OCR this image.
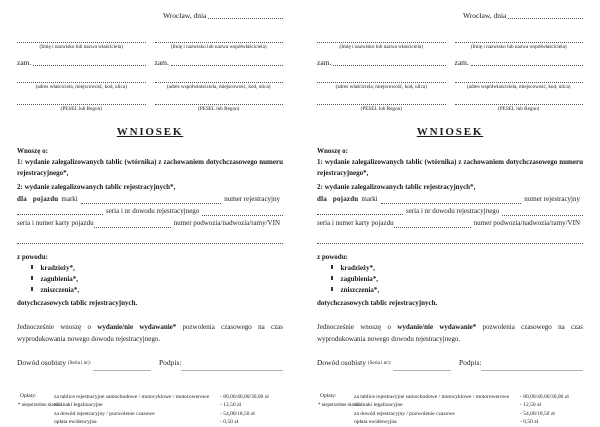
Wrocław, dnia
(Imię i nazwisko lub nazwa właściciela)
zam.
(adres właściciela, miejscowość, kod, ulica)
(PESEL lub Regon)
(Imię i nazwisko lub nazwa współwłaściciela)
zam.
(adres współwłaściciela, miejscowość, kod, ulica)
(PESEL lub Regon)
WNIOSEK
Wnoszę o:
1: wydanie zalegalizowanych tablic (wtórnika) z zachowaniem dotychczasowego numeru rejestracyjnego*,
2: wydanie zalegalizowanych tablic rejestracyjnych*,
dla pojazdu marki	numer rejestracyjny
seria i nr dowodu rejestracyjnego
seria i numer karty pojazdu	numer podwozia/nadwozia/ramy/VIN
z powodu:
kradzieży*,
zagubienia*,
zniszczenia*,
dotychczasowych tablic rejestracyjnych.
Jednocześnie wnoszę o wydanie/nie wydawanie* pozwolenia czasowego na czas wyprodukowania nowego dowodu rejestracyjnego.
Dowód osobisty (Seria i nr):	Podpis:
Opłaty:	za tablice rejestracyjne samochodowe / motocyklowe / motorowerowe	- 80,00/40,00/30,00 zł
za znaki legalizacyjne	- 12,50 zł
za dowód rejestracyjny / pozwolenie czasowe	- 54,00/18,50 zł
opłata ewidencyjna	- 0,50 zł
* niepotrzebne skreślić
Wrocław, dnia
(Imię i nazwisko lub nazwa właściciela)
zam.
(adres właściciela, miejscowość, kod, ulica)
(PESEL lub Regon)
(Imię i nazwisko lub nazwa współwłaściciela)
zam.
(adres współwłaściciela, miejscowość, kod, ulica)
(PESEL lub Regon)
WNIOSEK
Wnoszę o:
1: wydanie zalegalizowanych tablic (wtórnika) z zachowaniem dotychczasowego numeru rejestracyjnego*,
2: wydanie zalegalizowanych tablic rejestracyjnych*,
dla pojazdu marki	numer rejestracyjny
seria i nr dowodu rejestracyjnego
seria i numer karty pojazdu	numer podwozia/nadwozia/ramy/VIN
z powodu:
kradzieży*,
zagubienia*,
zniszczenia*,
dotychczasowych tablic rejestracyjnych.
Jednocześnie wnoszę o wydanie/nie wydawanie* pozwolenia czasowego na czas wyprodukowania nowego dowodu rejestracyjnego.
Dowód osobisty (Seria i nr):	Podpis:
Opłaty:	za tablice rejestracyjne samochodowe / motocyklowe / motorowerowe	- 80,00/40,00/30,00 zł
za znaki legalizacyjne	- 12,50 zł
za dowód rejestracyjny / pozwolenie czasowe	- 54,00/18,50 zł
opłata ewidencyjna	- 0,50 zł
* niepotrzebne skreślić
